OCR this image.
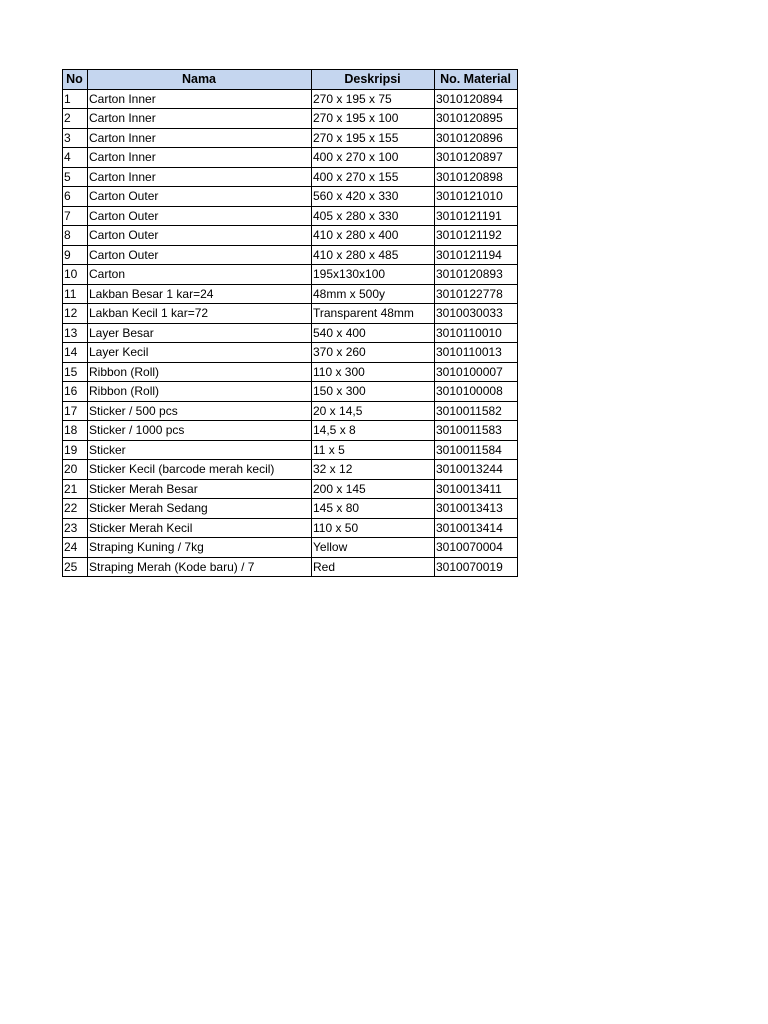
No	Nama	Deskripsi	No. Material
1	Carton Inner	270 x 195 x 75	3010120894
2	Carton Inner	270 x 195 x 100	3010120895
3	Carton Inner	270 x 195 x 155	3010120896
4	Carton Inner	400 x 270 x 100	3010120897
5	Carton Inner	400 x 270 x 155	3010120898
6	Carton Outer	560 x 420 x 330	3010121010
7	Carton Outer	405 x 280 x 330	3010121191
8	Carton Outer	410 x 280 x 400	3010121192
9	Carton Outer	410 x 280 x 485	3010121194
10	Carton	195x130x100	3010120893
11	Lakban Besar 1 kar=24	48mm x 500y	3010122778
12	Lakban Kecil 1 kar=72	Transparent 48mm	3010030033
13	Layer Besar	540 x 400	3010110010
14	Layer Kecil	370 x 260	3010110013
15	Ribbon (Roll)	110 x 300	3010100007
16	Ribbon (Roll)	150 x 300	3010100008
17	Sticker / 500 pcs	20 x 14,5	3010011582
18	Sticker / 1000 pcs	14,5 x 8	3010011583
19	Sticker	11 x 5	3010011584
20	Sticker Kecil (barcode merah kecil)	32 x 12	3010013244
21	Sticker Merah Besar	200 x 145	3010013411
22	Sticker Merah Sedang	145 x 80	3010013413
23	Sticker Merah Kecil	110 x 50	3010013414
24	Straping Kuning / 7kg	Yellow	3010070004
25	Straping Merah (Kode baru) / 7	Red	3010070019
